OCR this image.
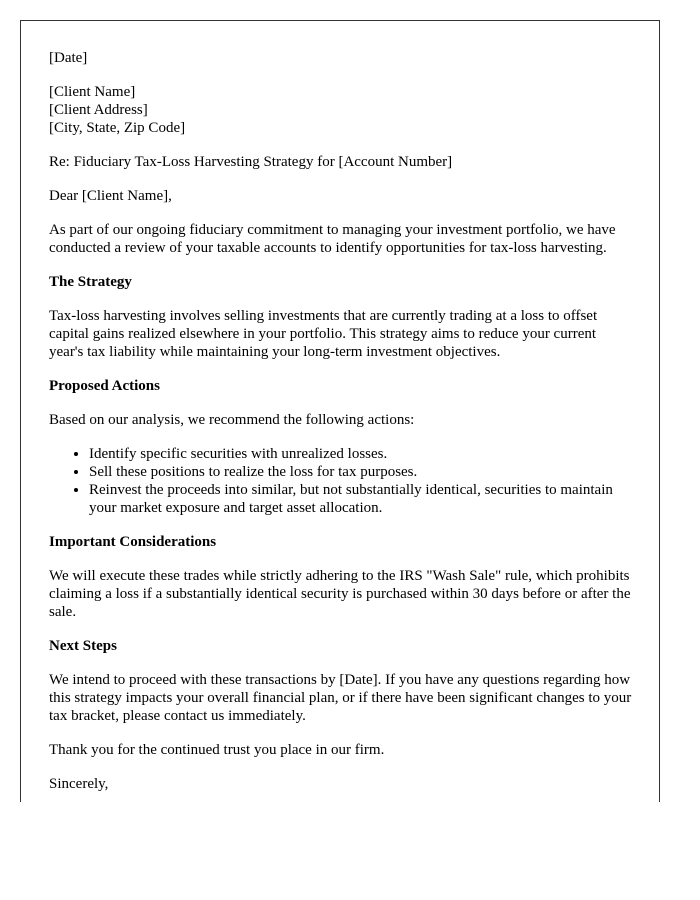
[Date]

[Client Name]
[Client Address]
[City, State, Zip Code]

Re: Fiduciary Tax-Loss Harvesting Strategy for [Account Number]

Dear [Client Name],

As part of our ongoing fiduciary commitment to managing your investment portfolio, we have conducted a review of your taxable accounts to identify opportunities for tax-loss harvesting.

The Strategy

Tax-loss harvesting involves selling investments that are currently trading at a loss to offset capital gains realized elsewhere in your portfolio. This strategy aims to reduce your current year's tax liability while maintaining your long-term investment objectives.

Proposed Actions

Based on our analysis, we recommend the following actions:

• Identify specific securities with unrealized losses.
• Sell these positions to realize the loss for tax purposes.
• Reinvest the proceeds into similar, but not substantially identical, securities to maintain your market exposure and target asset allocation.

Important Considerations

We will execute these trades while strictly adhering to the IRS "Wash Sale" rule, which prohibits claiming a loss if a substantially identical security is purchased within 30 days before or after the sale.

Next Steps

We intend to proceed with these transactions by [Date]. If you have any questions regarding how this strategy impacts your overall financial plan, or if there have been significant changes to your tax bracket, please contact us immediately.

Thank you for the continued trust you place in our firm.

Sincerely,
